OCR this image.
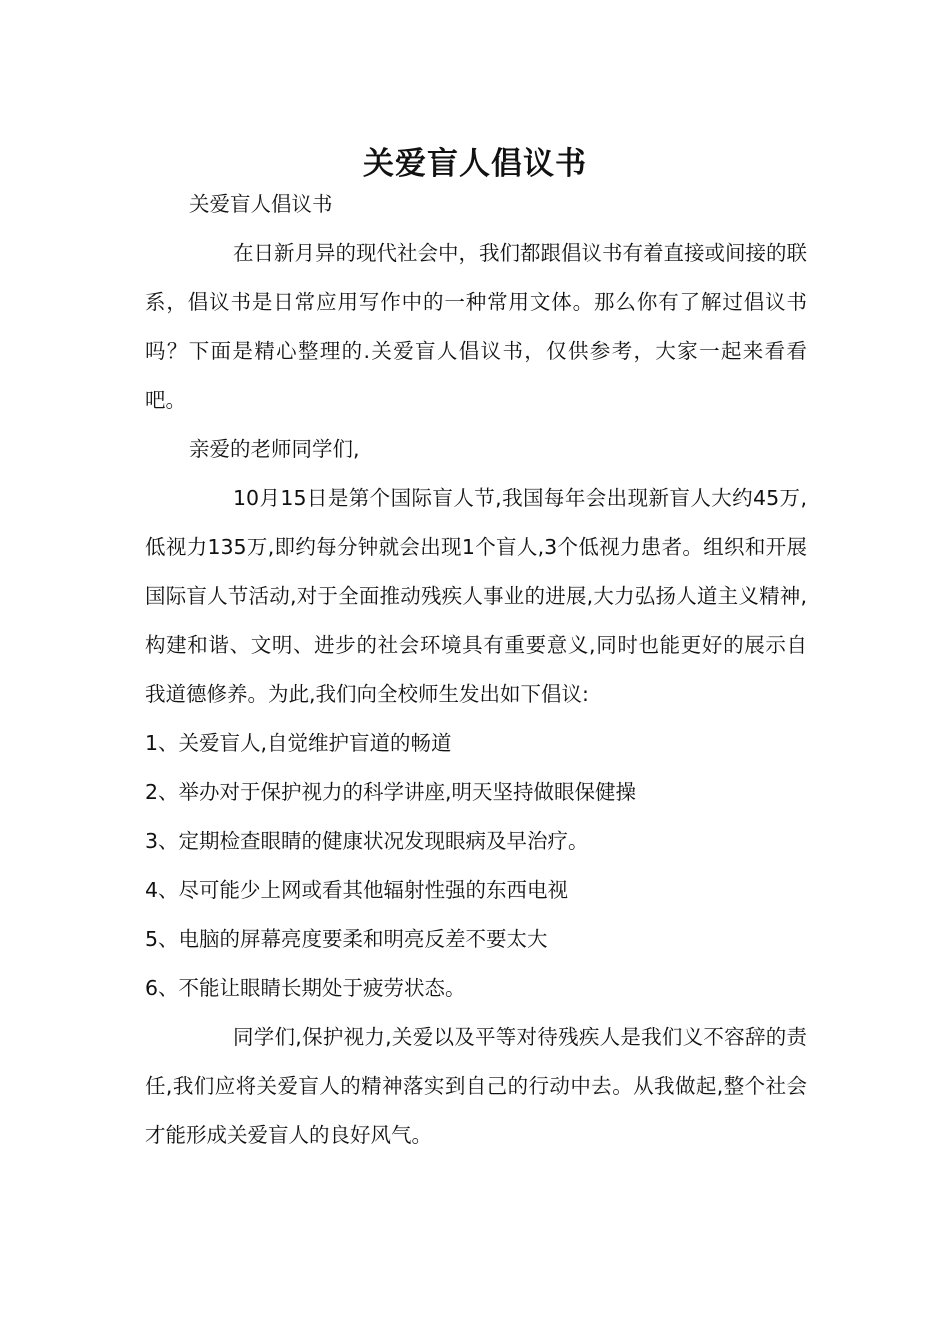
关爱盲人倡议书

关爱盲人倡议书

在日新月异的现代社会中，我们都跟倡议书有着直接或间接的联系，倡议书是日常应用写作中的一种常用文体。那么你有了解过倡议书吗？下面是精心整理的.关爱盲人倡议书，仅供参考，大家一起来看看吧。

亲爱的老师同学们,

10月15日是第个国际盲人节,我国每年会出现新盲人大约45万,低视力135万,即约每分钟就会出现1个盲人,3个低视力患者。组织和开展国际盲人节活动,对于全面推动残疾人事业的进展,大力弘扬人道主义精神,构建和谐、文明、进步的社会环境具有重要意义,同时也能更好的展示自我道德修养。为此,我们向全校师生发出如下倡议:

1、关爱盲人,自觉维护盲道的畅道

2、举办对于保护视力的科学讲座,明天坚持做眼保健操

3、定期检查眼睛的健康状况发现眼病及早治疗。

4、尽可能少上网或看其他辐射性强的东西电视

5、电脑的屏幕亮度要柔和明亮反差不要太大

6、不能让眼睛长期处于疲劳状态。

同学们,保护视力,关爱以及平等对待残疾人是我们义不容辞的责任,我们应将关爱盲人的精神落实到自己的行动中去。从我做起,整个社会才能形成关爱盲人的良好风气。
